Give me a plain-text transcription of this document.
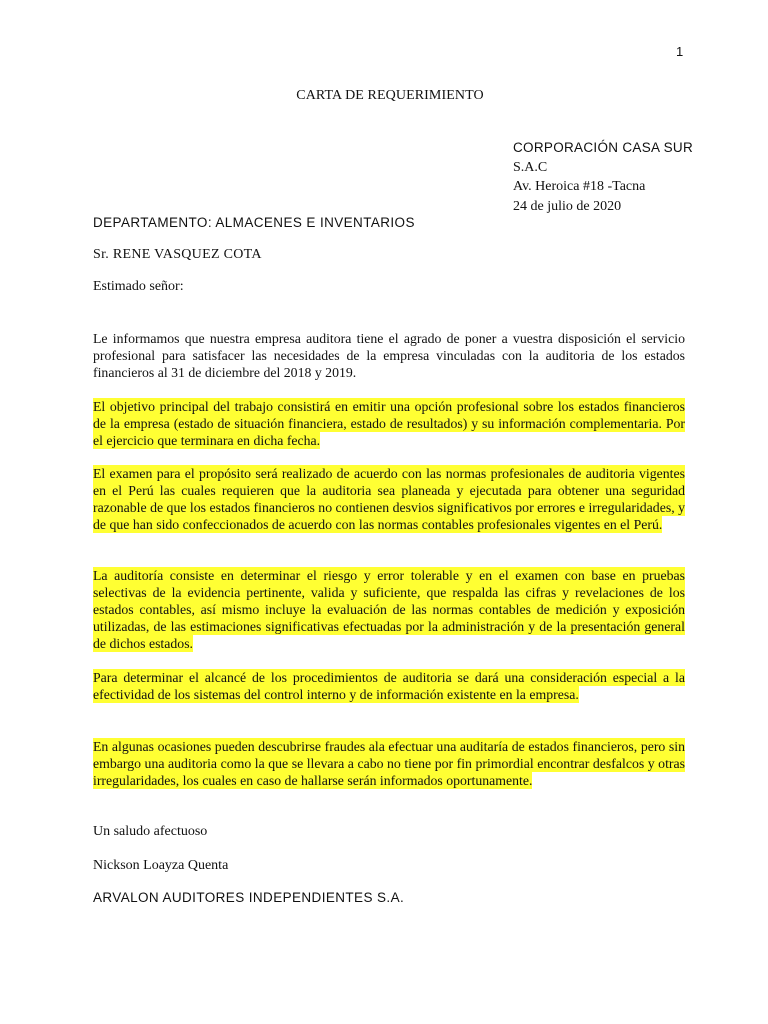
1
CARTA DE REQUERIMIENTO
CORPORACIÓN CASA SUR
S.A.C
Av. Heroica #18 -Tacna
24 de julio de 2020
DEPARTAMENTO: ALMACENES E INVENTARIOS
Sr. RENE VASQUEZ COTA
Estimado señor:
Le informamos que nuestra empresa auditora tiene el agrado de poner a vuestra disposición el servicio profesional para satisfacer las necesidades de la empresa vinculadas con la auditoria de los estados financieros al 31 de diciembre del 2018 y 2019.
El objetivo principal del trabajo consistirá en emitir una opción profesional sobre los estados financieros de la empresa (estado de situación financiera, estado de resultados) y su información complementaria. Por el ejercicio que terminara en dicha fecha.
El examen para el propósito será realizado de acuerdo con las normas profesionales de auditoria vigentes en el Perú las cuales requieren que la auditoria sea planeada y ejecutada para obtener una seguridad razonable de que los estados financieros no contienen desvios significativos por errores e irregularidades, y de que han sido confeccionados de acuerdo con las normas contables profesionales vigentes en el Perú.
La auditoría consiste en determinar el riesgo y error tolerable y en el examen con base en pruebas selectivas de la evidencia pertinente, valida y suficiente, que respalda las cifras y revelaciones de los estados contables, así mismo incluye la evaluación de las normas contables de medición y exposición utilizadas, de las estimaciones significativas efectuadas por la administración y de la presentación general de dichos estados.
Para determinar el alcancé de los procedimientos de auditoria se dará una consideración especial a la efectividad de los sistemas del control interno y de información existente en la empresa.
En algunas ocasiones pueden descubrirse fraudes ala efectuar una auditaría de estados financieros, pero sin embargo una auditoria como la que se llevara a cabo no tiene por fin primordial encontrar desfalcos y otras irregularidades, los cuales en caso de hallarse serán informados oportunamente.
Un saludo afectuoso
Nickson Loayza Quenta
ARVALON AUDITORES INDEPENDIENTES S.A.
